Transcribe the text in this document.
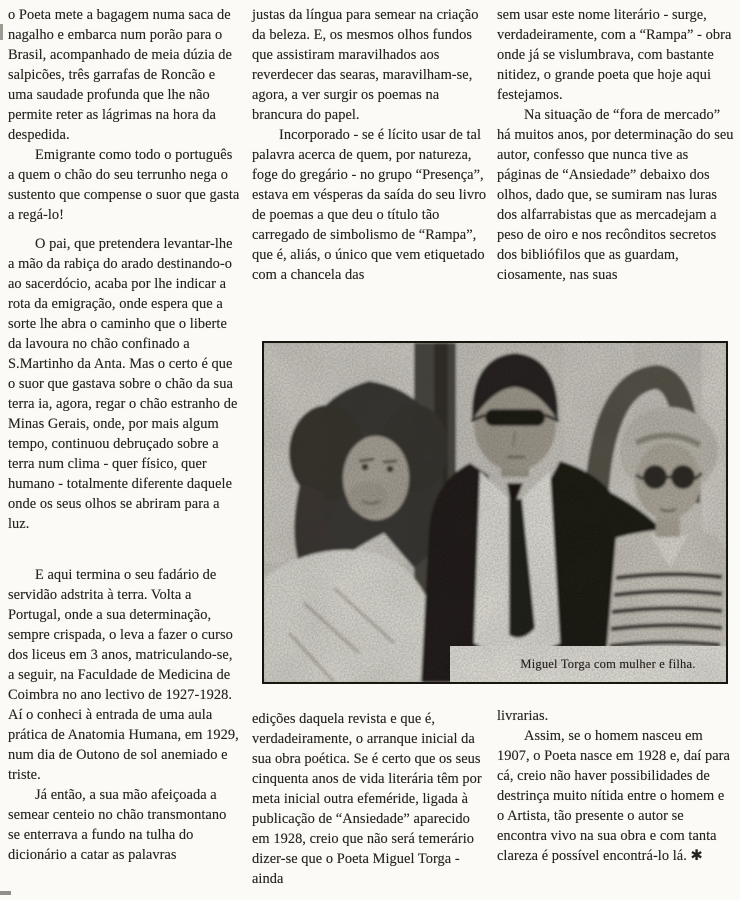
o Poeta mete a bagagem numa saca de nagalho e embarca num porão para o Brasil, acompanhado de meia dúzia de salpicões, três garrafas de Roncão e uma saudade profunda que lhe não permite reter as lágrimas na hora da despedida.

Emigrante como todo o português a quem o chão do seu terrunho nega o sustento que compense o suor que gasta a regá-lo!

O pai, que pretendera levantar-lhe a mão da rabiça do arado destinando-o ao sacerdócio, acaba por lhe indicar a rota da emigração, onde espera que a sorte lhe abra o caminho que o liberte da lavoura no chão confinado a S.Martinho da Anta. Mas o certo é que o suor que gastava sobre o chão da sua terra ia, agora, regar o chão estranho de Minas Gerais, onde, por mais algum tempo, continuou debruçado sobre a terra num clima - quer físico, quer humano - totalmente diferente daquele onde os seus olhos se abriram para a luz.

E aqui termina o seu fadário de servidão adstrita à terra. Volta a Portugal, onde a sua determinação, sempre crispada, o leva a fazer o curso dos liceus em 3 anos, matriculando-se, a seguir, na Faculdade de Medicina de Coimbra no ano lectivo de 1927-1928. Aí o conheci à entrada de uma aula prática de Anatomia Humana, em 1929, num dia de Outono de sol anemiado e triste.

Já então, a sua mão afeiçoada a semear centeio no chão transmontano se enterrava a fundo na tulha do dicionário a catar as palavras

justas da língua para semear na criação da beleza. E, os mesmos olhos fundos que assistiram maravilhados aos reverdecer das searas, maravilham-se, agora, a ver surgir os poemas na brancura do papel.

Incorporado - se é lícito usar de tal palavra acerca de quem, por natureza, foge do gregário - no grupo “Presença”, estava em vésperas da saída do seu livro de poemas a que deu o título tão carregado de simbolismo de “Rampa”, que é, aliás, o único que vem etiquetado com a chancela das

sem usar este nome literário - surge, verdadeiramente, com a “Rampa” - obra onde já se vislumbrava, com bastante nitidez, o grande poeta que hoje aqui festejamos.

Na situação de “fora de mercado” há muitos anos, por determinação do seu autor, confesso que nunca tive as páginas de “Ansiedade” debaixo dos olhos, dado que, se sumiram nas luras dos alfarrabistas que as mercadejam a peso de oiro e nos recônditos secretos dos bibliófilos que as guardam, ciosamente, nas suas

Miguel Torga com mulher e filha.

edições daquela revista e que é, verdadeiramente, o arranque inicial da sua obra poética. Se é certo que os seus cinquenta anos de vida literária têm por meta inicial outra efeméride, ligada à publicação de “Ansiedade” aparecido em 1928, creio que não será temerário dizer-se que o Poeta Miguel Torga - ainda

livrarias.

Assim, se o homem nasceu em 1907, o Poeta nasce em 1928 e, daí para cá, creio não haver possibilidades de destrinça muito nítida entre o homem e o Artista, tão presente o autor se encontra vivo na sua obra e com tanta clareza é possível encontrá-lo lá. ✱
